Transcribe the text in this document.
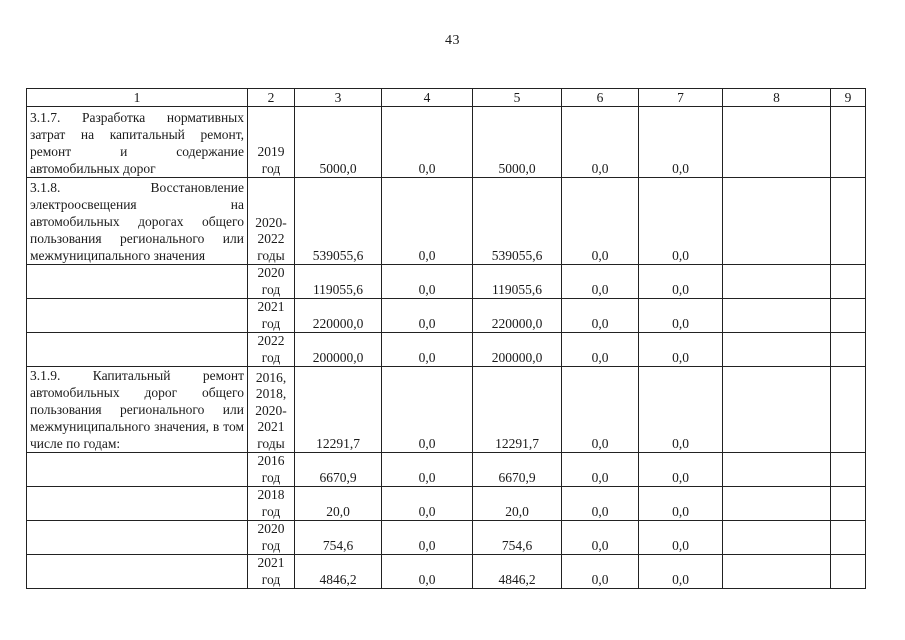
43
1	2	3	4	5	6	7	8	9
3.1.7. Разработка нормативных затрат на капитальный ремонт, ремонт и содержание автомобильных дорог	2019 год	5000,0	0,0	5000,0	0,0	0,0		
3.1.8. Восстановление электроосвещения на автомобильных дорогах общего пользования регионального или межмуниципального значения	2020-2022 годы	539055,6	0,0	539055,6	0,0	0,0		
	2020 год	119055,6	0,0	119055,6	0,0	0,0		
	2021 год	220000,0	0,0	220000,0	0,0	0,0		
	2022 год	200000,0	0,0	200000,0	0,0	0,0		
3.1.9. Капитальный ремонт автомобильных дорог общего пользования регионального или межмуниципального значения, в том числе по годам:	2016, 2018, 2020-2021 годы	12291,7	0,0	12291,7	0,0	0,0		
	2016 год	6670,9	0,0	6670,9	0,0	0,0		
	2018 год	20,0	0,0	20,0	0,0	0,0		
	2020 год	754,6	0,0	754,6	0,0	0,0		
	2021 год	4846,2	0,0	4846,2	0,0	0,0		
